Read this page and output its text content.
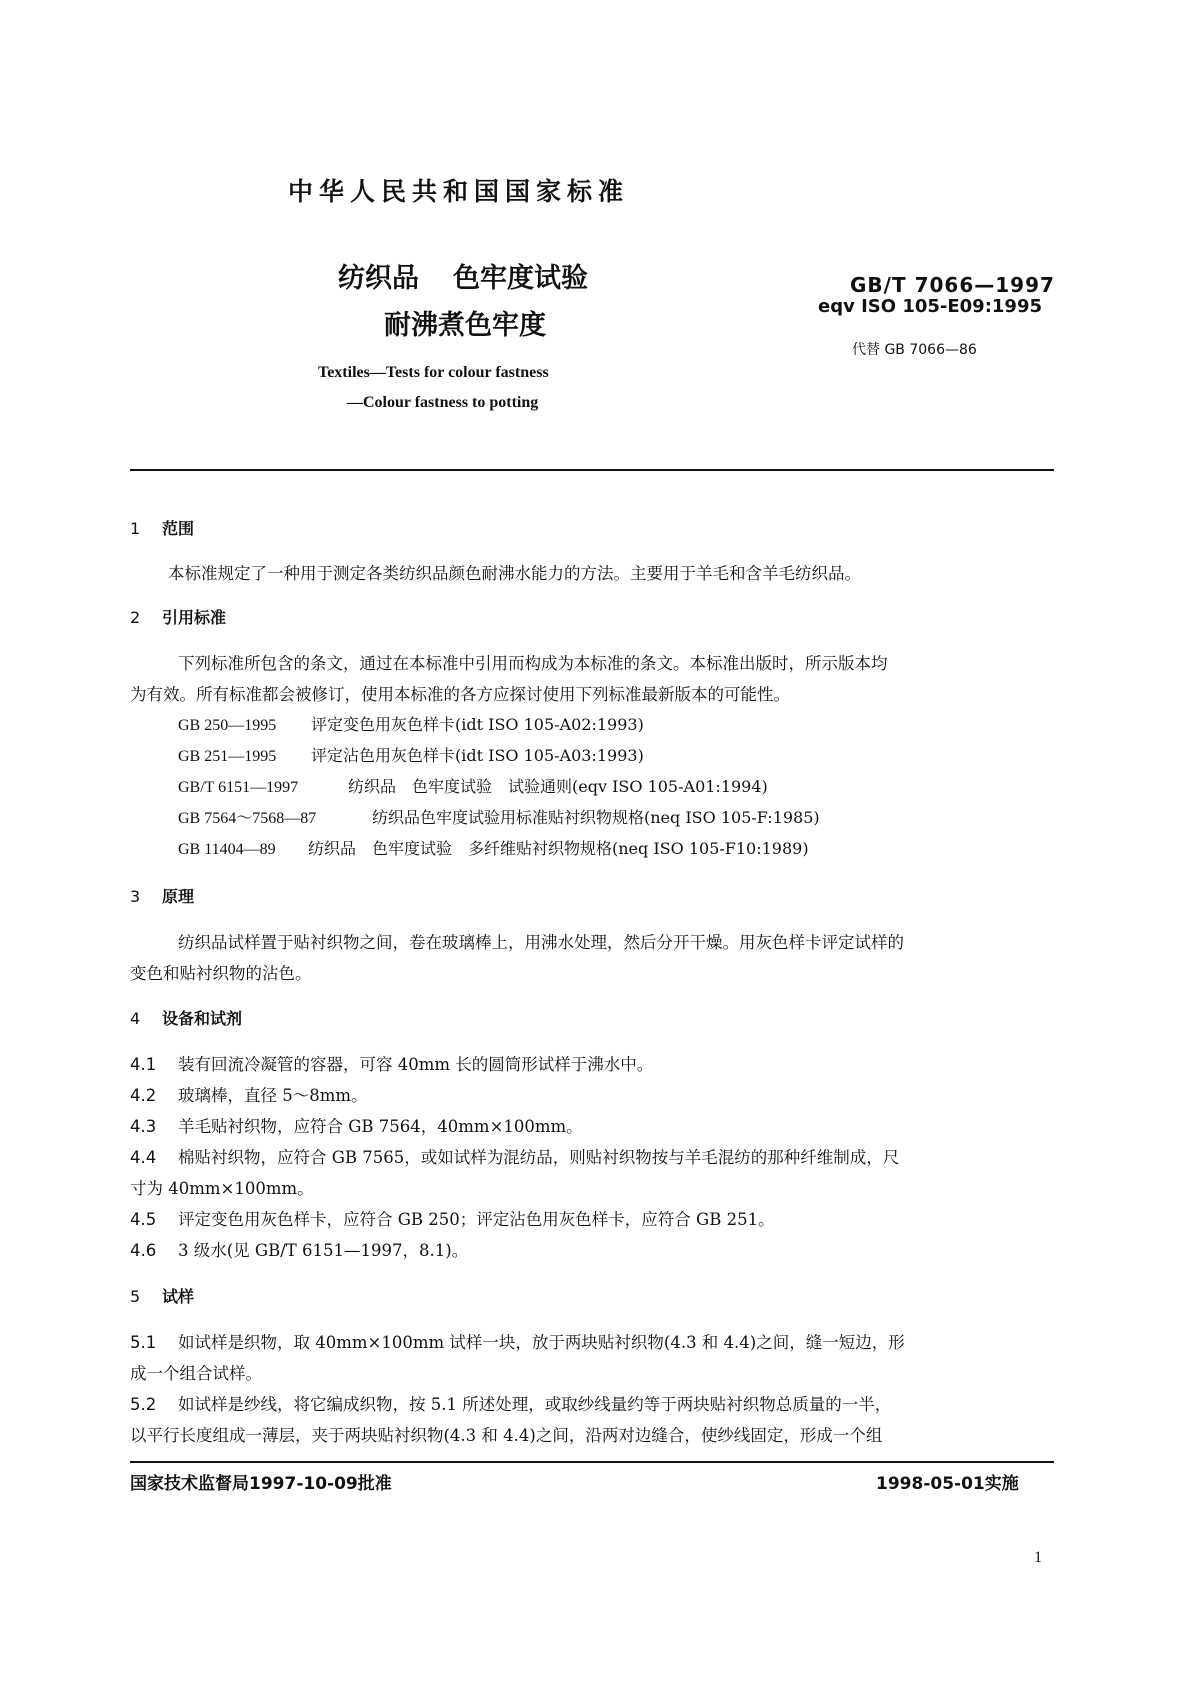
中华人民共和国国家标准
纺织品 色牢度试验
耐沸煮色牢度
Textiles—Tests for colour fastness
—Colour fastness to potting
GB/T 7066—1997
eqv ISO 105-E09:1995
代替 GB 7066—86
1 范围
本标准规定了一种用于测定各类纺织品颜色耐沸水能力的方法。主要用于羊毛和含羊毛纺织品。
2 引用标准
下列标准所包含的条文，通过在本标准中引用而构成为本标准的条文。本标准出版时，所示版本均
为有效。所有标准都会被修订，使用本标准的各方应探讨使用下列标准最新版本的可能性。
GB 250—1995 评定变色用灰色样卡(idt ISO 105-A02:1993)
GB 251—1995 评定沾色用灰色样卡(idt ISO 105-A03:1993)
GB/T 6151—1997	纺织品　色牢度试验　试验通则(eqv ISO 105-A01:1994)
GB 7564～7568—87	纺织品色牢度试验用标准贴衬织物规格(neq ISO 105-F:1985)
GB 11404—89 纺织品　色牢度试验　多纤维贴衬织物规格(neq ISO 105-F10:1989)
3 原理
纺织品试样置于贴衬织物之间，卷在玻璃棒上，用沸水处理，然后分开干燥。用灰色样卡评定试样的
变色和贴衬织物的沾色。
4 设备和试剂
4.1 装有回流冷凝管的容器，可容 40mm 长的圆筒形试样于沸水中。
4.2 玻璃棒，直径 5～8mm。
4.3 羊毛贴衬织物，应符合 GB 7564，40mm×100mm。
4.4 棉贴衬织物，应符合 GB 7565，或如试样为混纺品，则贴衬织物按与羊毛混纺的那种纤维制成，尺
寸为 40mm×100mm。
4.5 评定变色用灰色样卡，应符合 GB 250；评定沾色用灰色样卡，应符合 GB 251。
4.6 3 级水(见 GB/T 6151—1997，8.1)。
5 试样
5.1 如试样是织物，取 40mm×100mm 试样一块，放于两块贴衬织物(4.3 和 4.4)之间，缝一短边，形
成一个组合试样。
5.2 如试样是纱线，将它编成织物，按 5.1 所述处理，或取纱线量约等于两块贴衬织物总质量的一半，
以平行长度组成一薄层，夹于两块贴衬织物(4.3 和 4.4)之间，沿两对边缝合，使纱线固定，形成一个组
国家技术监督局1997-10-09批准	1998-05-01实施
1
